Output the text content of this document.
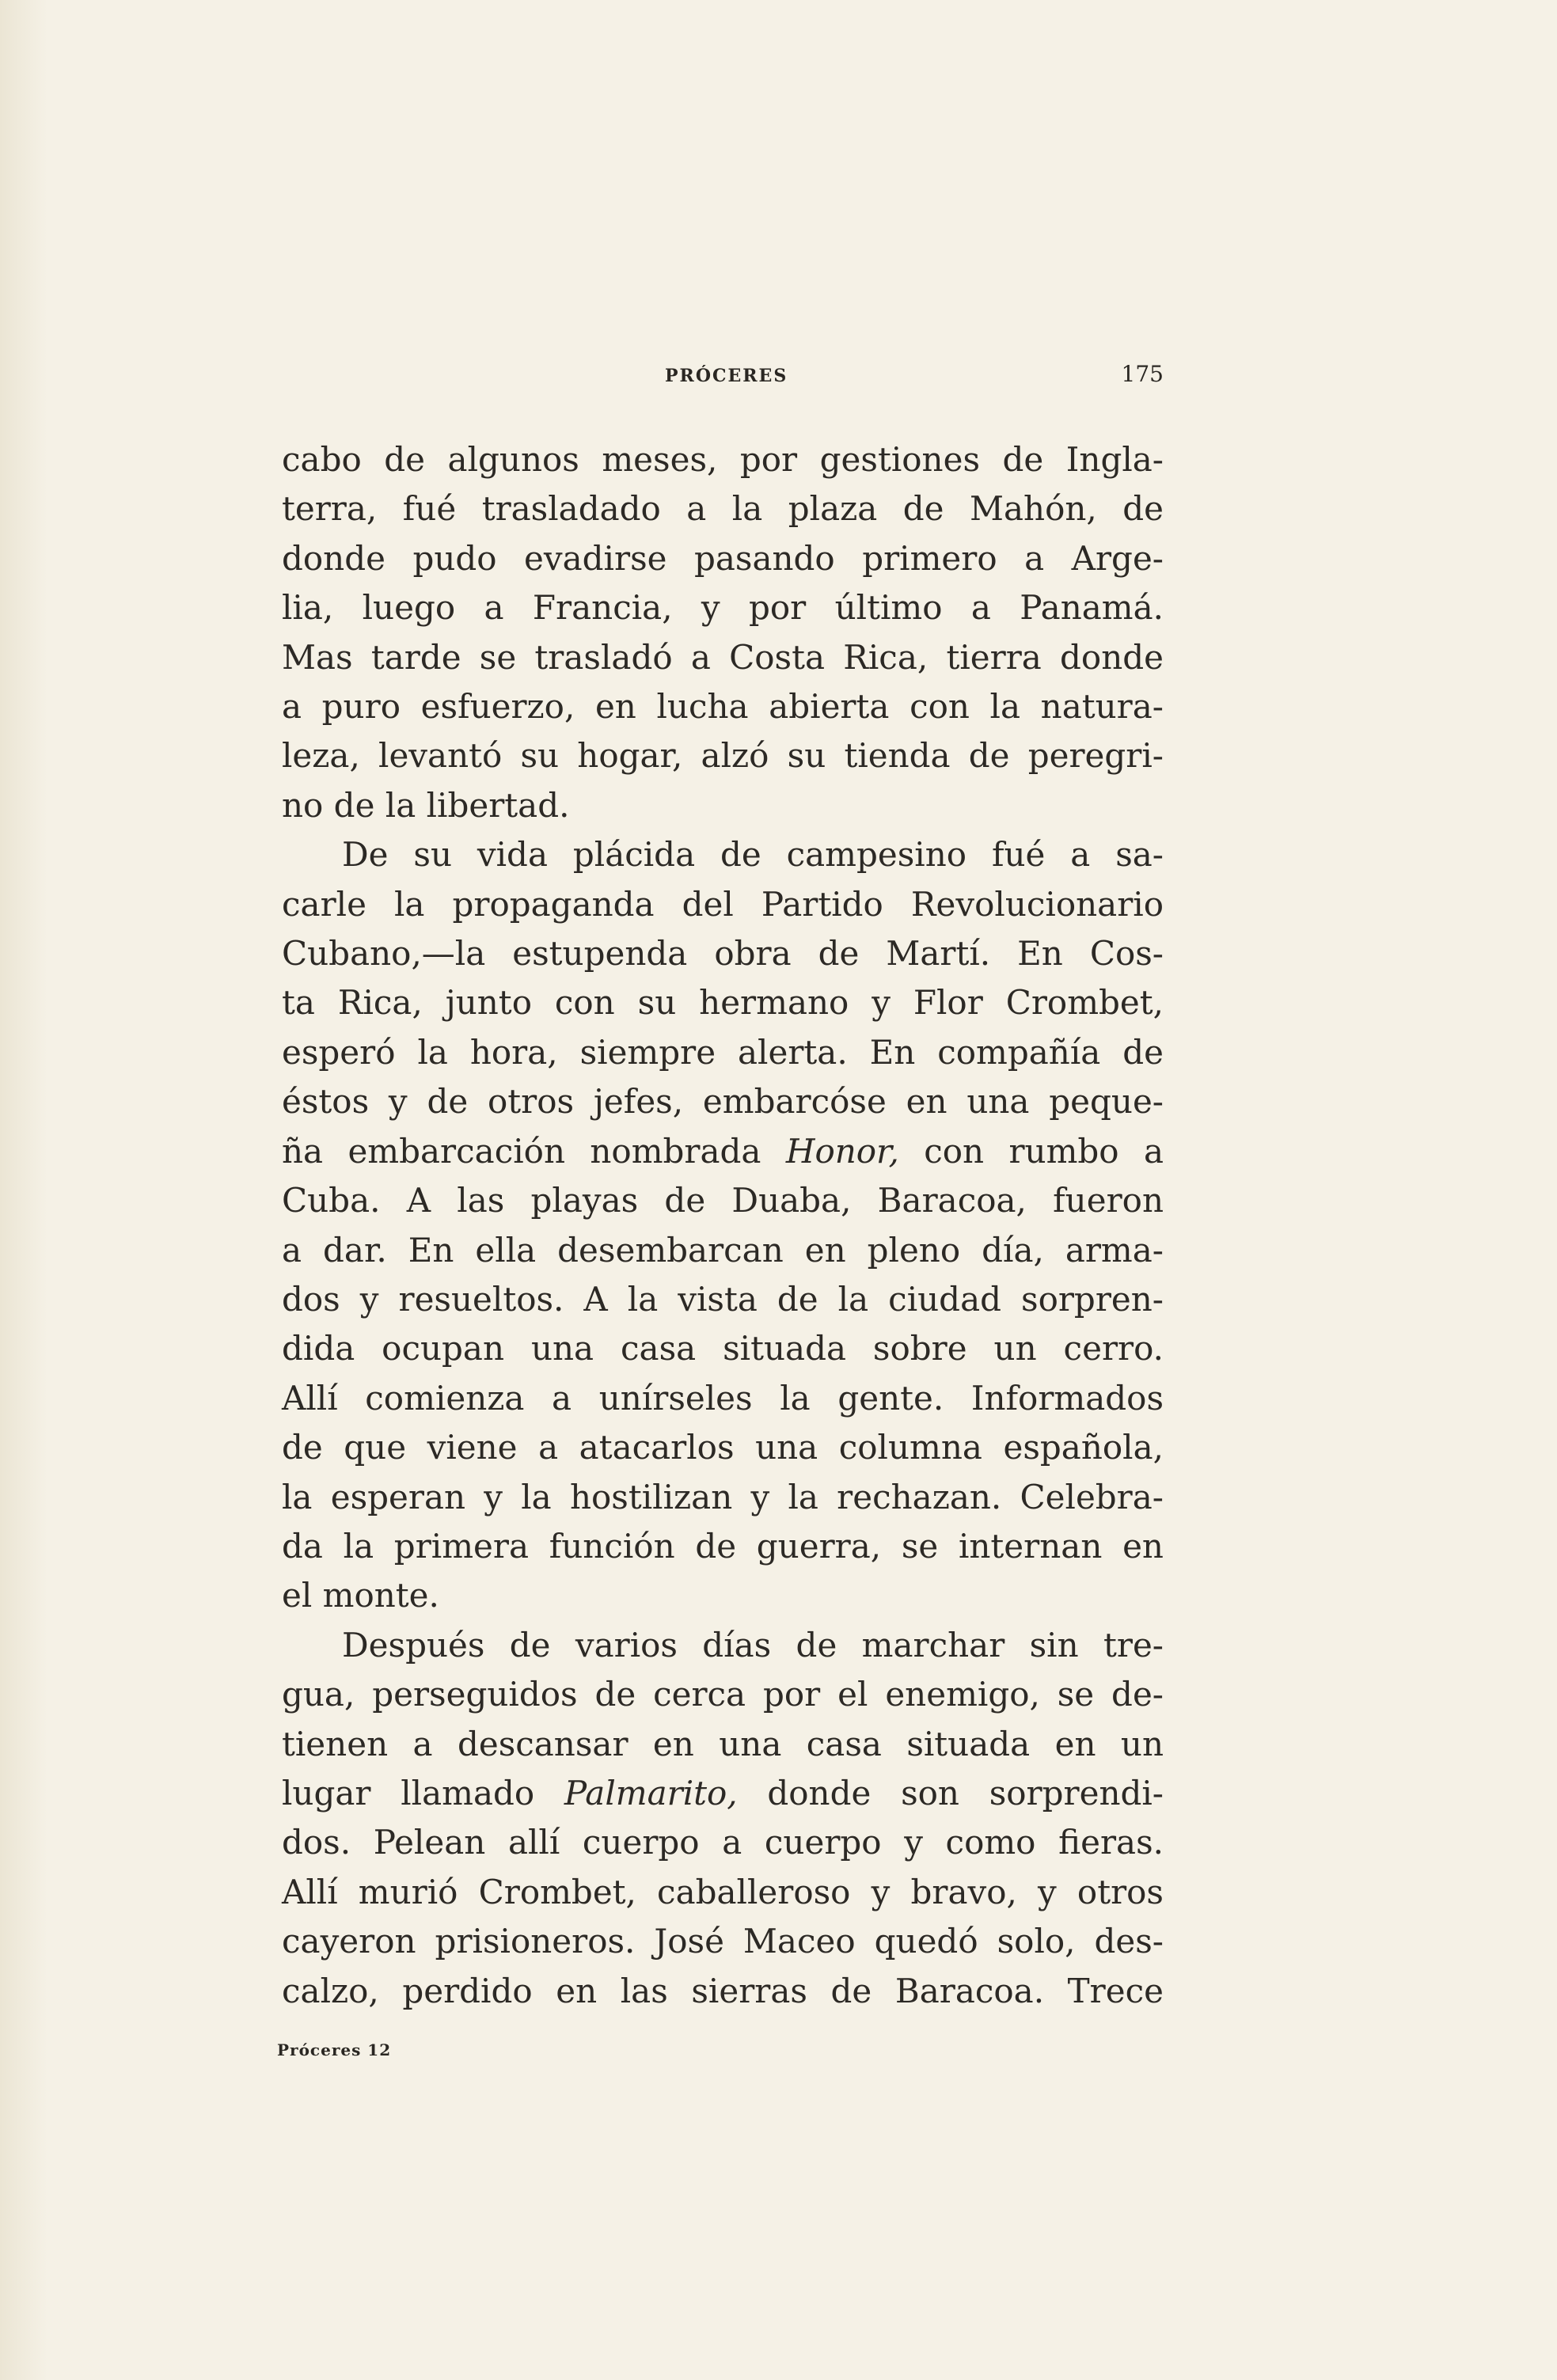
PRÓCERES	175

cabo de algunos meses, por gestiones de Ingla-
terra, fué trasladado a la plaza de Mahón, de
donde pudo evadirse pasando primero a Arge-
lia, luego a Francia, y por último a Panamá.
Mas tarde se trasladó a Costa Rica, tierra donde
a puro esfuerzo, en lucha abierta con la natura-
leza, levantó su hogar, alzó su tienda de peregri-
no de la libertad.

De su vida plácida de campesino fué a sa-
carle la propaganda del Partido Revolucionario
Cubano,—la estupenda obra de Martí. En Cos-
ta Rica, junto con su hermano y Flor Crombet,
esperó la hora, siempre alerta. En compañía de
éstos y de otros jefes, embarcóse en una peque-
ña embarcación nombrada Honor, con rumbo a
Cuba. A las playas de Duaba, Baracoa, fueron
a dar. En ella desembarcan en pleno día, arma-
dos y resueltos. A la vista de la ciudad sorpren-
dida ocupan una casa situada sobre un cerro.
Allí comienza a unírseles la gente. Informados
de que viene a atacarlos una columna española,
la esperan y la hostilizan y la rechazan. Celebra-
da la primera función de guerra, se internan en
el monte.

Después de varios días de marchar sin tre-
gua, perseguidos de cerca por el enemigo, se de-
tienen a descansar en una casa situada en un
lugar llamado Palmarito, donde son sorprendi-
dos. Pelean allí cuerpo a cuerpo y como fieras.
Allí murió Crombet, caballeroso y bravo, y otros
cayeron prisioneros. José Maceo quedó solo, des-
calzo, perdido en las sierras de Baracoa. Trece

Próceres 12
